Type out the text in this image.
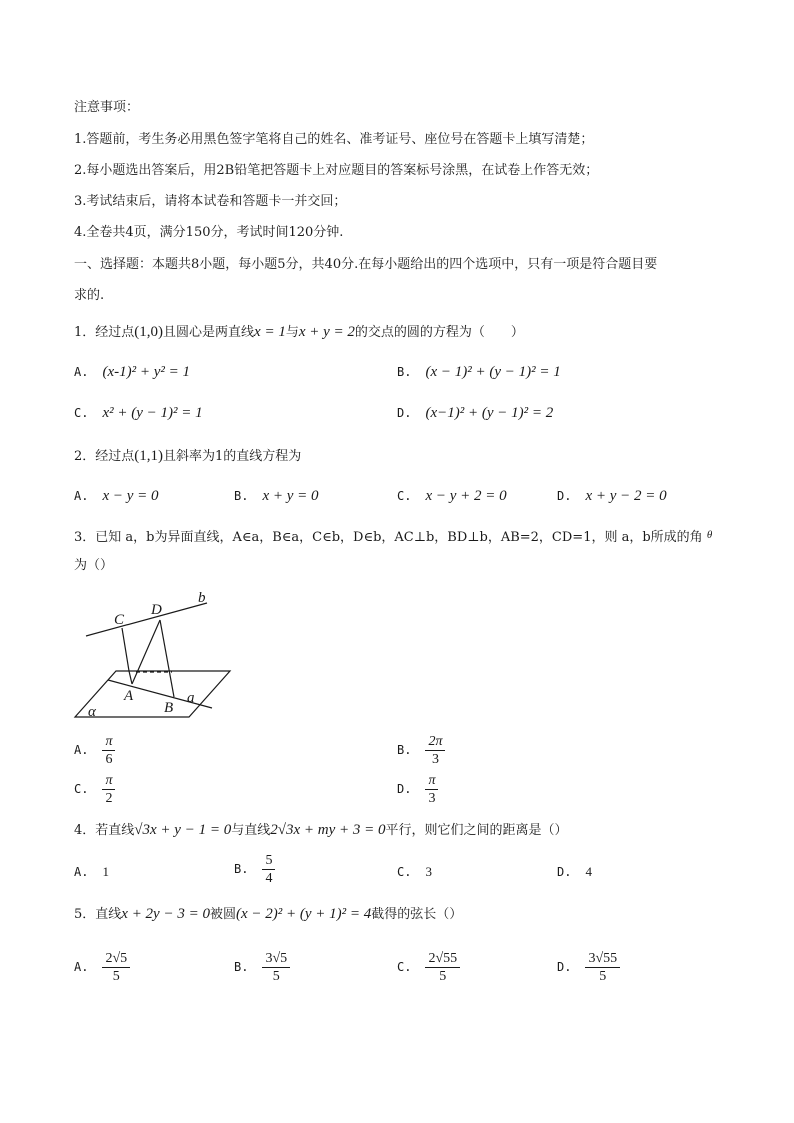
注意事项：
1.答题前，考生务必用黑色签字笔将自己的姓名、准考证号、座位号在答题卡上填写清楚；
2.每小题选出答案后，用2B铅笔把答题卡上对应题目的答案标号涂黑，在试卷上作答无效；
3.考试结束后，请将本试卷和答题卡一并交回；
4.全卷共4页，满分150分，考试时间120分钟.
一、选择题：本题共8小题，每小题5分，共40分.在每小题给出的四个选项中，只有一项是符合题目要
求的.
1．经过点(1,0)且圆心是两直线x = 1与x + y = 2的交点的圆的方程为（　　）
A. (x-1)² + y² = 1	B. (x − 1)² + (y − 1)² = 1
C. x² + (y − 1)² = 1	D. (x−1)² + (y − 1)² = 2
2．经过点(1,1)且斜率为1的直线方程为
A. x − y = 0	B. x + y = 0	C. x − y + 2 = 0	D. x + y − 2 = 0
3．已知 a，b为异面直线，A∈a，B∈a，C∈b，D∈b，AC⊥b，BD⊥b，AB=2，CD=1，则 a，b所成的角 $^\theta$
为（）
C
D
b
A
B
a
α
A. $\frac{\pi}{6}$	B. $\frac{2\pi}{3}$
C. $\frac{\pi}{2}$	D. $\frac{\pi}{3}$
4．若直线√3x + y − 1 = 0与直线2√3x + my + 3 = 0平行，则它们之间的距离是（）
A. 1	B. $\frac{5}{4}$	C. 3	D. 4
5．直线x + 2y − 3 = 0被圆(x − 2)² + (y + 1)² = 4截得的弦长（）
A. $\frac{2√5}{5}$	B. $\frac{3√5}{5}$	C. $\frac{2√55}{5}$	D. $\frac{3√55}{5}$
